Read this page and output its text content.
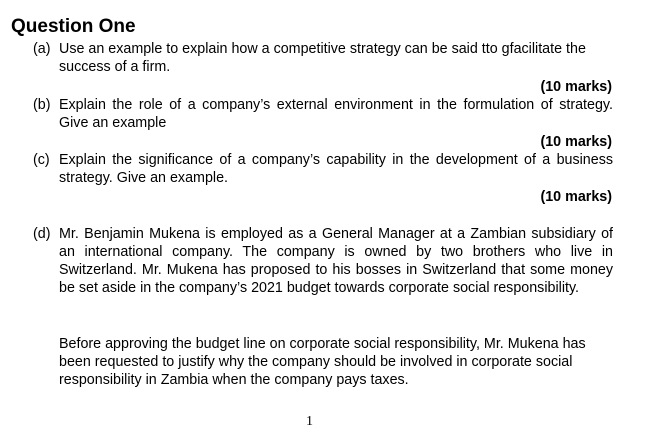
Question One
(a) Use an example to explain how a competitive strategy can be said tto gfacilitate the success of a firm.
(10 marks)
(b) Explain the role of a company’s external environment in the formulation of strategy. Give an example
(10 marks)
(c) Explain the significance of a company’s capability in the development of a business strategy. Give an example.
(10 marks)
(d) Mr. Benjamin Mukena is employed as a General Manager at a Zambian subsidiary of an international company. The company is owned by two brothers who live in Switzerland. Mr. Mukena has proposed to his bosses in Switzerland that some money be set aside in the company’s 2021 budget towards corporate social responsibility.
Before approving the budget line on corporate social responsibility, Mr. Mukena has been requested to justify why the company should be involved in corporate social responsibility in Zambia when the company pays taxes.
1
